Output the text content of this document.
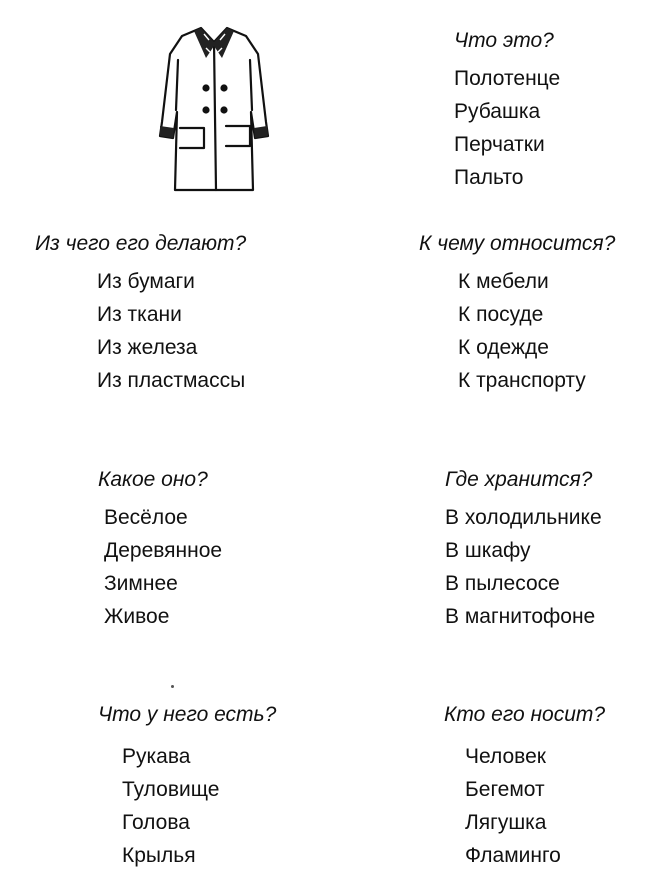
Что это?
Полотенце
Рубашка
Перчатки
Пальто
Из чего его делают?
Из бумаги
Из ткани
Из железа
Из пластмассы
К чему относится?
К мебели
К посуде
К одежде
К транспорту
Какое оно?
Весёлое
Деревянное
Зимнее
Живое
Где хранится?
В холодильнике
В шкафу
В пылесосе
В магнитофоне
Что у него есть?
Рукава
Туловище
Голова
Крылья
Кто его носит?
Человек
Бегемот
Лягушка
Фламинго
